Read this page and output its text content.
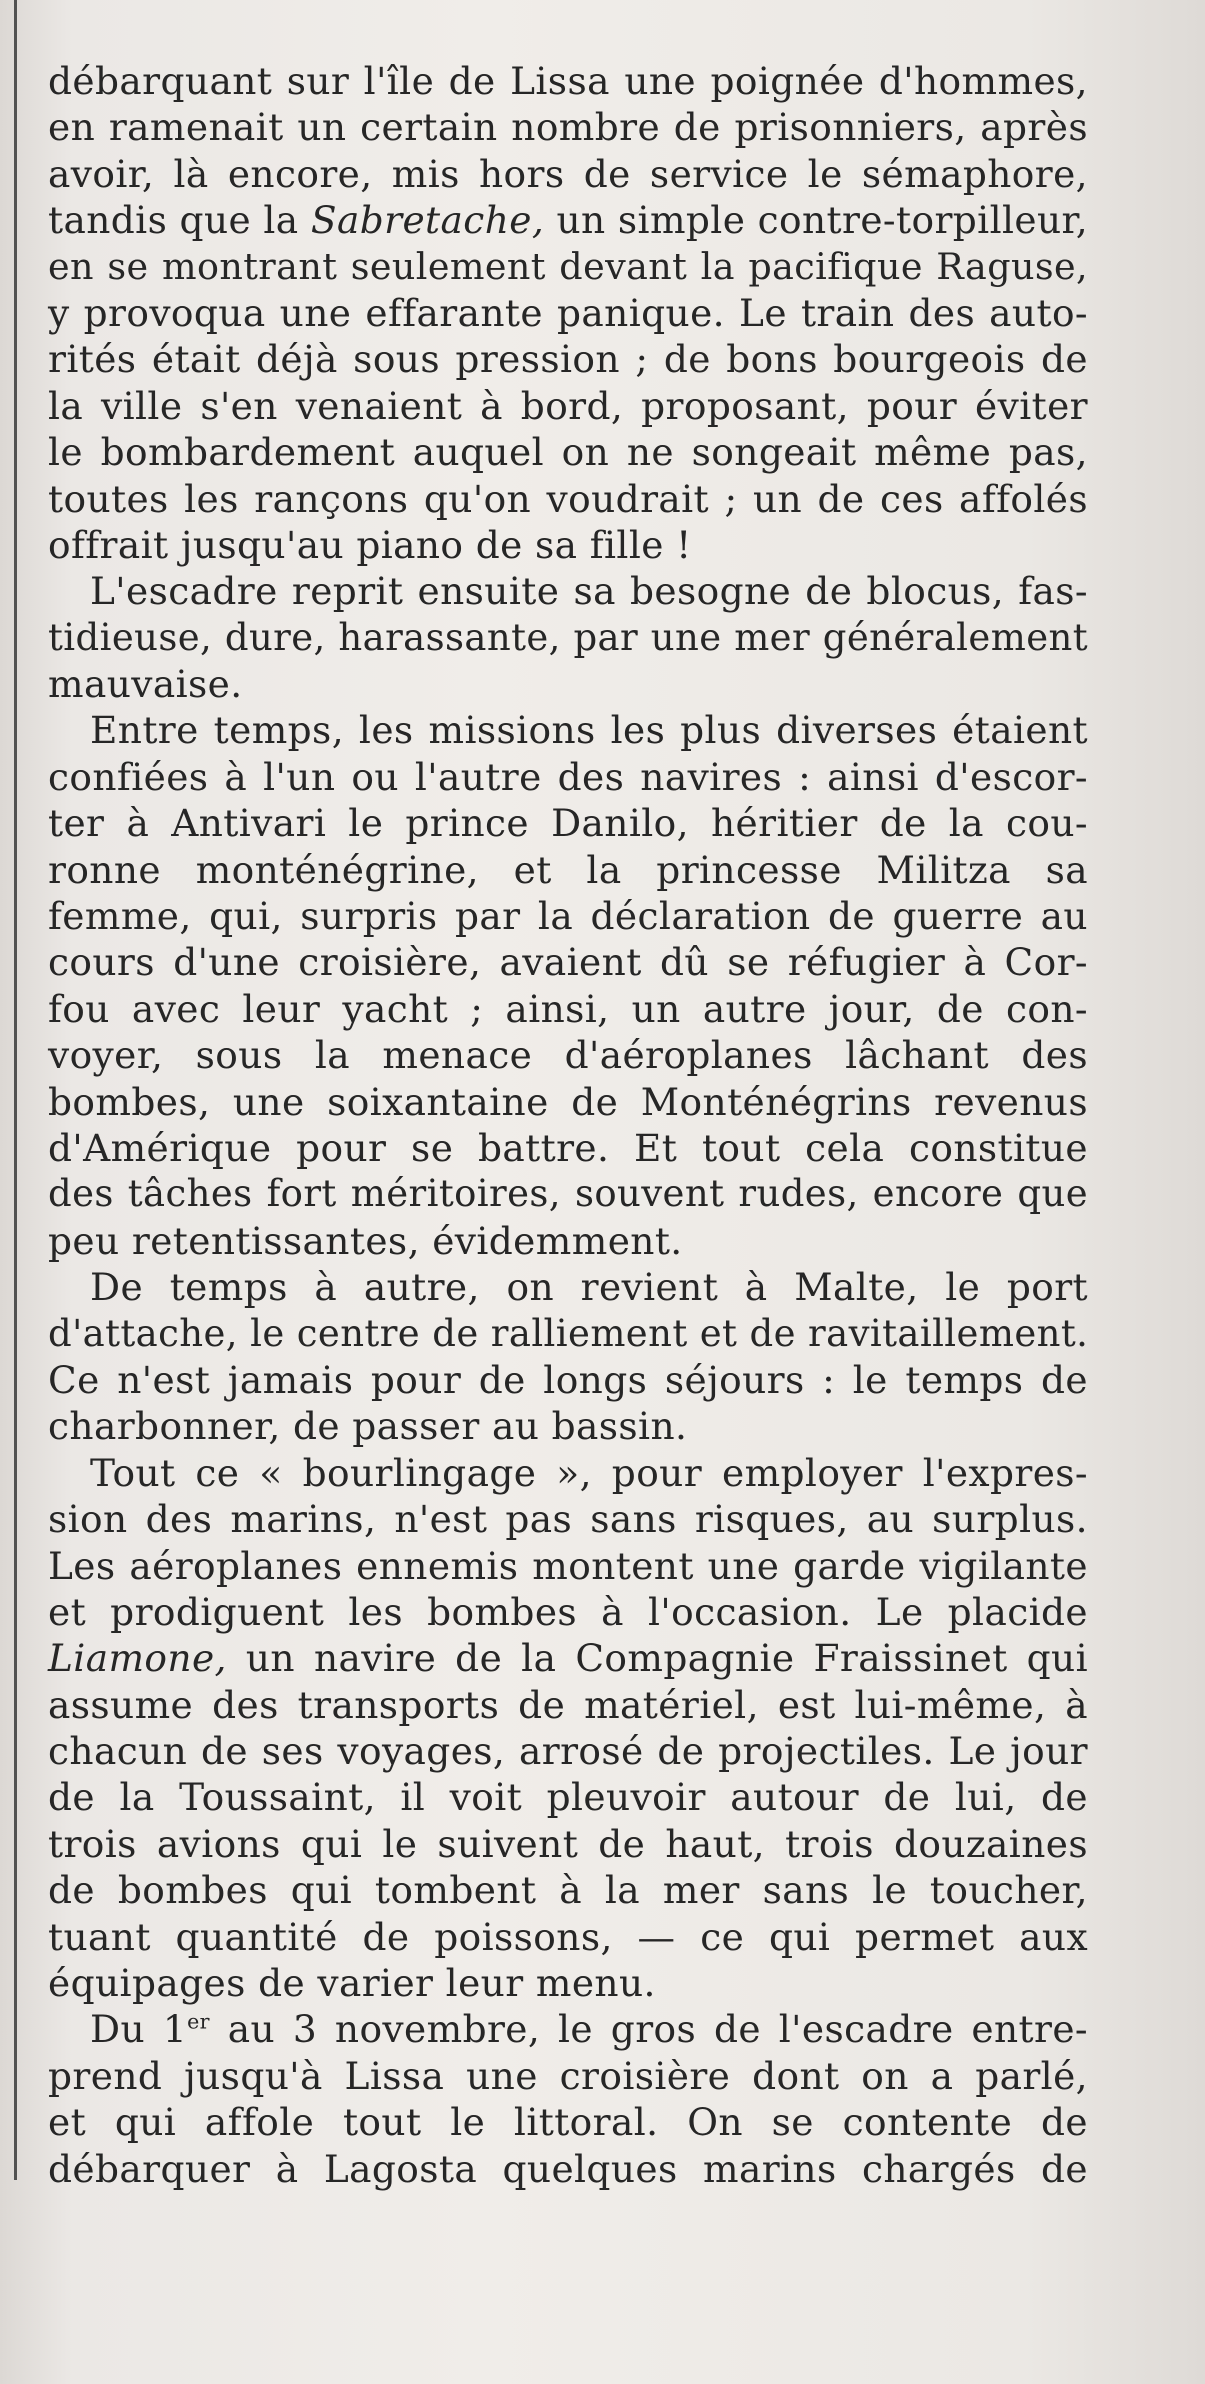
débarquant sur l'île de Lissa une poignée d'hommes,
en ramenait un certain nombre de prisonniers, après
avoir, là encore, mis hors de service le sémaphore,
tandis que la Sabretache, un simple contre-torpilleur,
en se montrant seulement devant la pacifique Raguse,
y provoqua une effarante panique. Le train des auto-
rités était déjà sous pression ; de bons bourgeois de
la ville s'en venaient à bord, proposant, pour éviter
le bombardement auquel on ne songeait même pas,
toutes les rançons qu'on voudrait ; un de ces affolés
offrait jusqu'au piano de sa fille !
L'escadre reprit ensuite sa besogne de blocus, fas-
tidieuse, dure, harassante, par une mer généralement
mauvaise.
Entre temps, les missions les plus diverses étaient
confiées à l'un ou l'autre des navires : ainsi d'escor-
ter à Antivari le prince Danilo, héritier de la cou-
ronne monténégrine, et la princesse Militza sa
femme, qui, surpris par la déclaration de guerre au
cours d'une croisière, avaient dû se réfugier à Cor-
fou avec leur yacht ; ainsi, un autre jour, de con-
voyer, sous la menace d'aéroplanes lâchant des
bombes, une soixantaine de Monténégrins revenus
d'Amérique pour se battre. Et tout cela constitue
des tâches fort méritoires, souvent rudes, encore que
peu retentissantes, évidemment.
De temps à autre, on revient à Malte, le port
d'attache, le centre de ralliement et de ravitaillement.
Ce n'est jamais pour de longs séjours : le temps de
charbonner, de passer au bassin.
Tout ce « bourlingage », pour employer l'expres-
sion des marins, n'est pas sans risques, au surplus.
Les aéroplanes ennemis montent une garde vigilante
et prodiguent les bombes à l'occasion. Le placide
Liamone, un navire de la Compagnie Fraissinet qui
assume des transports de matériel, est lui-même, à
chacun de ses voyages, arrosé de projectiles. Le jour
de la Toussaint, il voit pleuvoir autour de lui, de
trois avions qui le suivent de haut, trois douzaines
de bombes qui tombent à la mer sans le toucher,
tuant quantité de poissons, — ce qui permet aux
équipages de varier leur menu.
Du 1er au 3 novembre, le gros de l'escadre entre-
prend jusqu'à Lissa une croisière dont on a parlé,
et qui affole tout le littoral. On se contente de
débarquer à Lagosta quelques marins chargés de
